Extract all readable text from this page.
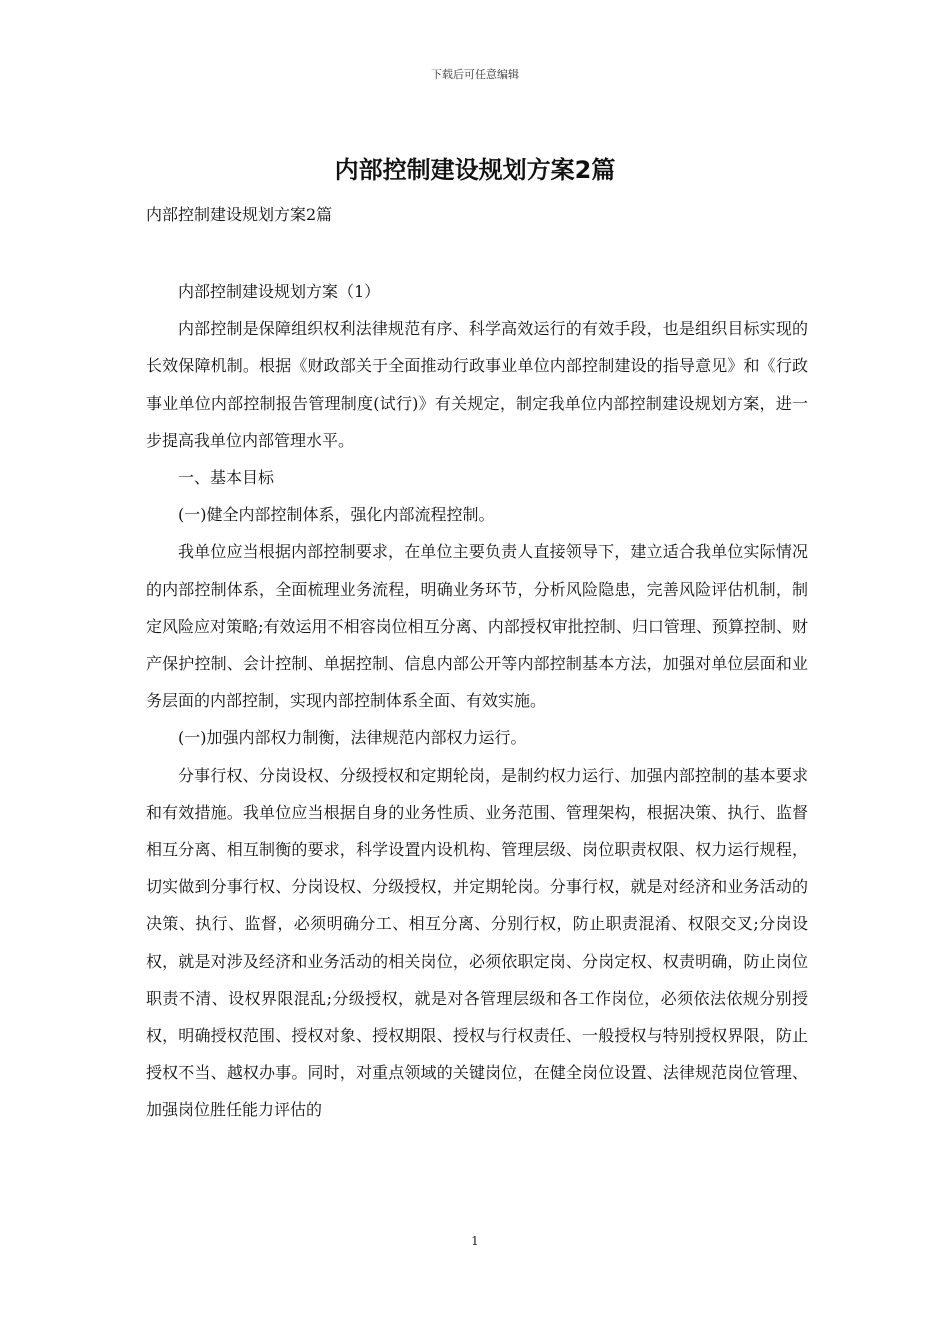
下载后可任意编辑
内部控制建设规划方案2篇
内部控制建设规划方案2篇

内部控制建设规划方案（1）

内部控制是保障组织权利法律规范有序、科学高效运行的有效手段，也是组织目标实现的长效保障机制。根据《财政部关于全面推动行政事业单位内部控制建设的指导意见》和《行政事业单位内部控制报告管理制度(试行)》有关规定，制定我单位内部控制建设规划方案，进一步提高我单位内部管理水平。

一、基本目标

(一)健全内部控制体系，强化内部流程控制。

我单位应当根据内部控制要求，在单位主要负责人直接领导下，建立适合我单位实际情况的内部控制体系，全面梳理业务流程，明确业务环节，分析风险隐患，完善风险评估机制，制定风险应对策略;有效运用不相容岗位相互分离、内部授权审批控制、归口管理、预算控制、财产保护控制、会计控制、单据控制、信息内部公开等内部控制基本方法，加强对单位层面和业务层面的内部控制，实现内部控制体系全面、有效实施。

(一)加强内部权力制衡，法律规范内部权力运行。

分事行权、分岗设权、分级授权和定期轮岗，是制约权力运行、加强内部控制的基本要求和有效措施。我单位应当根据自身的业务性质、业务范围、管理架构，根据决策、执行、监督相互分离、相互制衡的要求，科学设置内设机构、管理层级、岗位职责权限、权力运行规程，切实做到分事行权、分岗设权、分级授权，并定期轮岗。分事行权，就是对经济和业务活动的决策、执行、监督，必须明确分工、相互分离、分别行权，防止职责混淆、权限交叉;分岗设权，就是对涉及经济和业务活动的相关岗位，必须依职定岗、分岗定权、权责明确，防止岗位职责不清、设权界限混乱;分级授权，就是对各管理层级和各工作岗位，必须依法依规分别授权，明确授权范围、授权对象、授权期限、授权与行权责任、一般授权与特别授权界限，防止授权不当、越权办事。同时，对重点领域的关键岗位，在健全岗位设置、法律规范岗位管理、加强岗位胜任能力评估的

1
